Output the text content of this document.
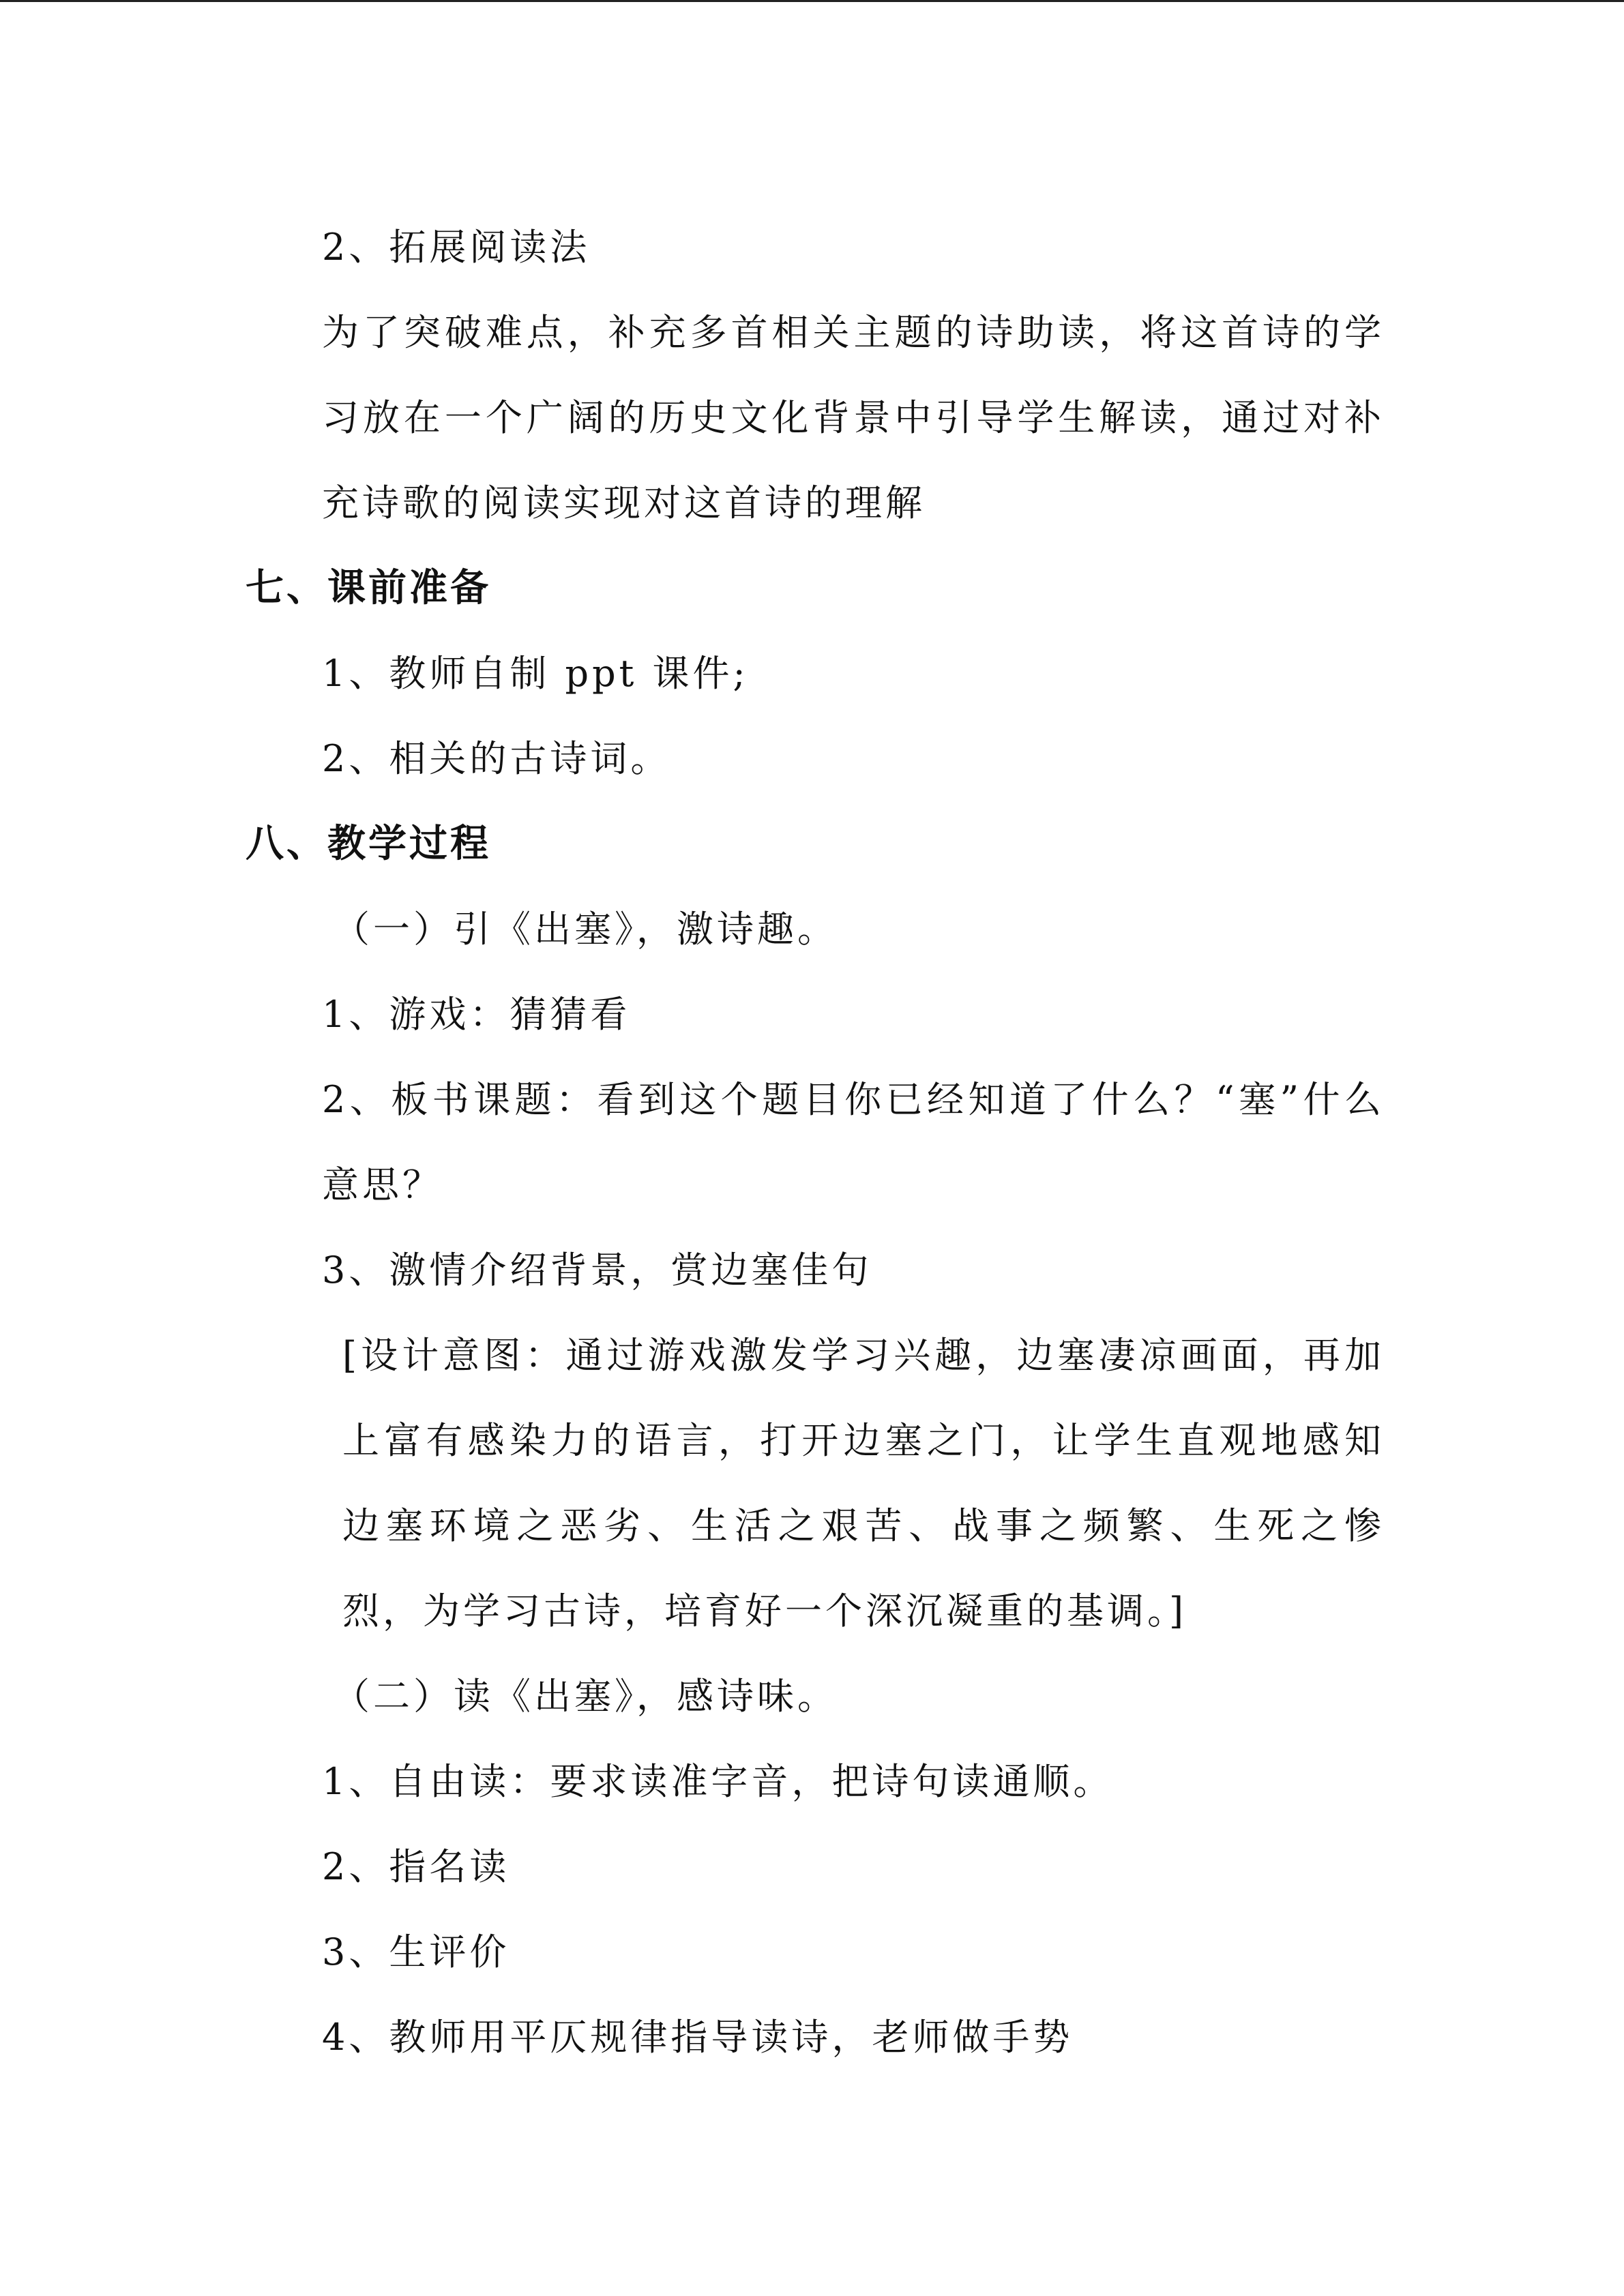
2、拓展阅读法

为了突破难点，补充多首相关主题的诗助读，将这首诗的学习放在一个广阔的历史文化背景中引导学生解读，通过对补充诗歌的阅读实现对这首诗的理解

七、课前准备

1、教师自制 ppt 课件;

2、相关的古诗词。

八、教学过程

（一）引《出塞》，激诗趣。

1、游戏：猜猜看

2、板书课题：看到这个题目你已经知道了什么？“塞”什么意思？

3、激情介绍背景，赏边塞佳句

[设计意图：通过游戏激发学习兴趣，边塞凄凉画面，再加上富有感染力的语言，打开边塞之门，让学生直观地感知边塞环境之恶劣、生活之艰苦、战事之频繁、生死之惨烈，为学习古诗，培育好一个深沉凝重的基调。]

（二）读《出塞》，感诗味。

1、自由读：要求读准字音，把诗句读通顺。

2、指名读

3、生评价

4、教师用平仄规律指导读诗，老师做手势
